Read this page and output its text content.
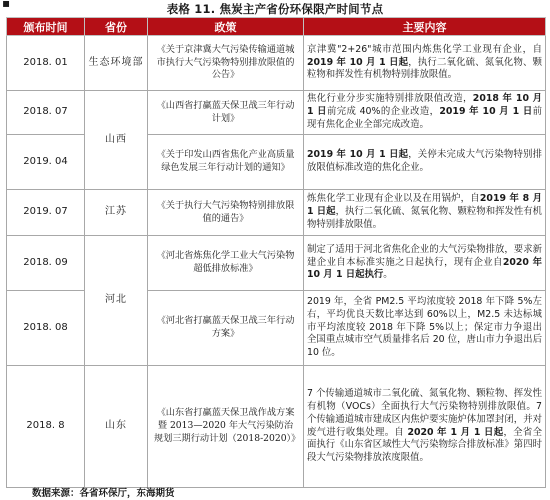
▪	表格 11. 焦炭主产省份环保限产时间节点
颁布时间	省份	政策	主要内容
2018. 01	生态环境部	《关于京津冀大气污染传输通道城市执行大气污染物特别排放限值的公告》	京津冀"2+26"城市范围内炼焦化学工业现有企业，自2019 年 10 月 1 日起，执行二氧化硫、氮氧化物、颗粒物和挥发性有机物特别排放限值。
2018. 07	山西	《山西省打赢蓝天保卫战三年行动计划》	焦化行业分步实施特别排放限值改造，2018 年 10 月 1 日前完成 40%的企业改造，2019 年 10 月 1 日前现有焦化企业全部完成改造。
2019. 04		《关于印发山西省焦化产业高质量绿色发展三年行动计划的通知》	2019 年 10 月 1 日起，关停未完成大气污染物特别排放限值标准改造的焦化企业。
2019. 07	江苏	《关于执行大气污染物特别排放限值的通告》	炼焦化学工业现有企业以及在用锅炉，自2019 年 8 月 1 日起，执行二氧化硫、氮氧化物、颗粒物和挥发性有机物特别排放限值。
2018. 09	河北	《河北省炼焦化学工业大气污染物超低排放标准》	制定了适用于河北省焦化企业的大气污染物排放，要求新建企业自本标准实施之日起执行，现有企业自2020 年 10 月 1 日起执行。
2018. 08		《河北省打赢蓝天保卫战三年行动方案》	2019 年，全省 PM2.5 平均浓度较 2018 年下降 5%左右，平均优良天数比率达到 60%以上，M2.5 未达标城市平均浓度较 2018 年下降 5%以上；保定市力争退出全国重点城市空气质量排名后 20 位，唐山市力争退出后 10 位。
2018. 8	山东	《山东省打赢蓝天保卫战作战方案暨 2013—2020 年大气污染防治规划三期行动计划（2018-2020）》	7 个传输通道城市二氧化硫、氮氧化物、颗粒物、挥发性有机物（VOCs）全面执行大气污染物特别排放限值。7 个传输通道城市建成区内焦炉要实施炉体加罩封闭，并对废气进行收集处理。自 2020 年 1 月 1 日起，全省全面执行《山东省区域性大气污染物综合排放标准》第四时段大气污染物排放浓度限值。
数据来源：各省环保厅，东海期货
